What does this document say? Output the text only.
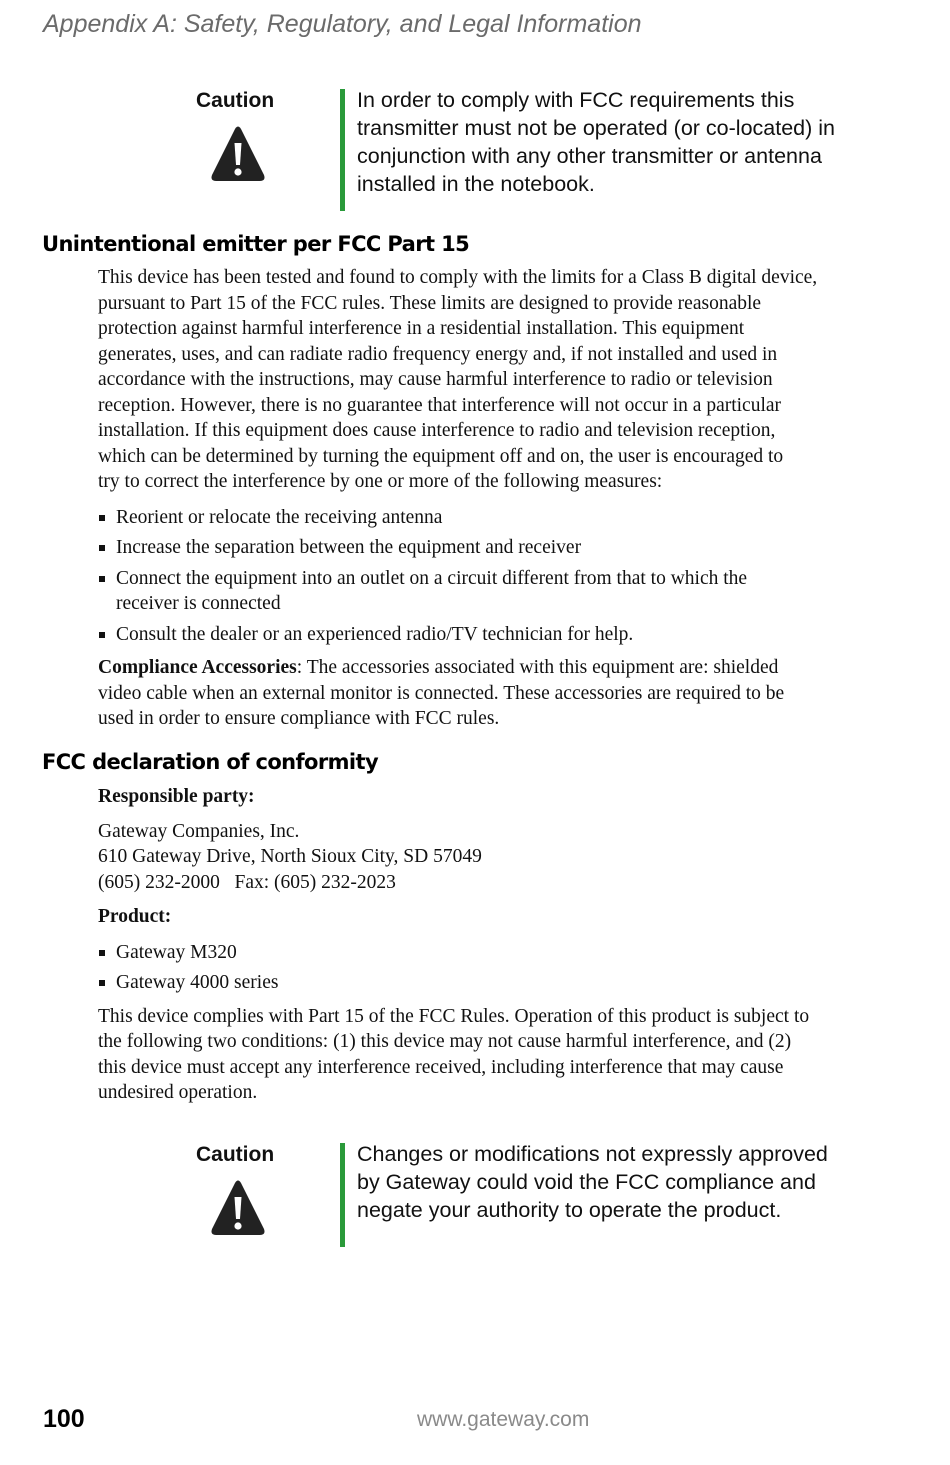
Appendix A: Safety, Regulatory, and Legal Information
Caution	In order to comply with FCC requirements this
transmitter must not be operated (or co-located) in
conjunction with any other transmitter or antenna
installed in the notebook.
Unintentional emitter per FCC Part 15
This device has been tested and found to comply with the limits for a Class B digital device,
pursuant to Part 15 of the FCC rules. These limits are designed to provide reasonable
protection against harmful interference in a residential installation. This equipment
generates, uses, and can radiate radio frequency energy and, if not installed and used in
accordance with the instructions, may cause harmful interference to radio or television
reception. However, there is no guarantee that interference will not occur in a particular
installation. If this equipment does cause interference to radio and television reception,
which can be determined by turning the equipment off and on, the user is encouraged to
try to correct the interference by one or more of the following measures:
Reorient or relocate the receiving antenna
Increase the separation between the equipment and receiver
Connect the equipment into an outlet on a circuit different from that to which the
receiver is connected
Consult the dealer or an experienced radio/TV technician for help.
Compliance Accessories: The accessories associated with this equipment are: shielded
video cable when an external monitor is connected. These accessories are required to be
used in order to ensure compliance with FCC rules.
FCC declaration of conformity
Responsible party:
Gateway Companies, Inc.
610 Gateway Drive, North Sioux City, SD 57049
(605) 232-2000   Fax: (605) 232-2023
Product:
Gateway M320
Gateway 4000 series
This device complies with Part 15 of the FCC Rules. Operation of this product is subject to
the following two conditions: (1) this device may not cause harmful interference, and (2)
this device must accept any interference received, including interference that may cause
undesired operation.
Caution	Changes or modifications not expressly approved
by Gateway could void the FCC compliance and
negate your authority to operate the product.
100	www.gateway.com
